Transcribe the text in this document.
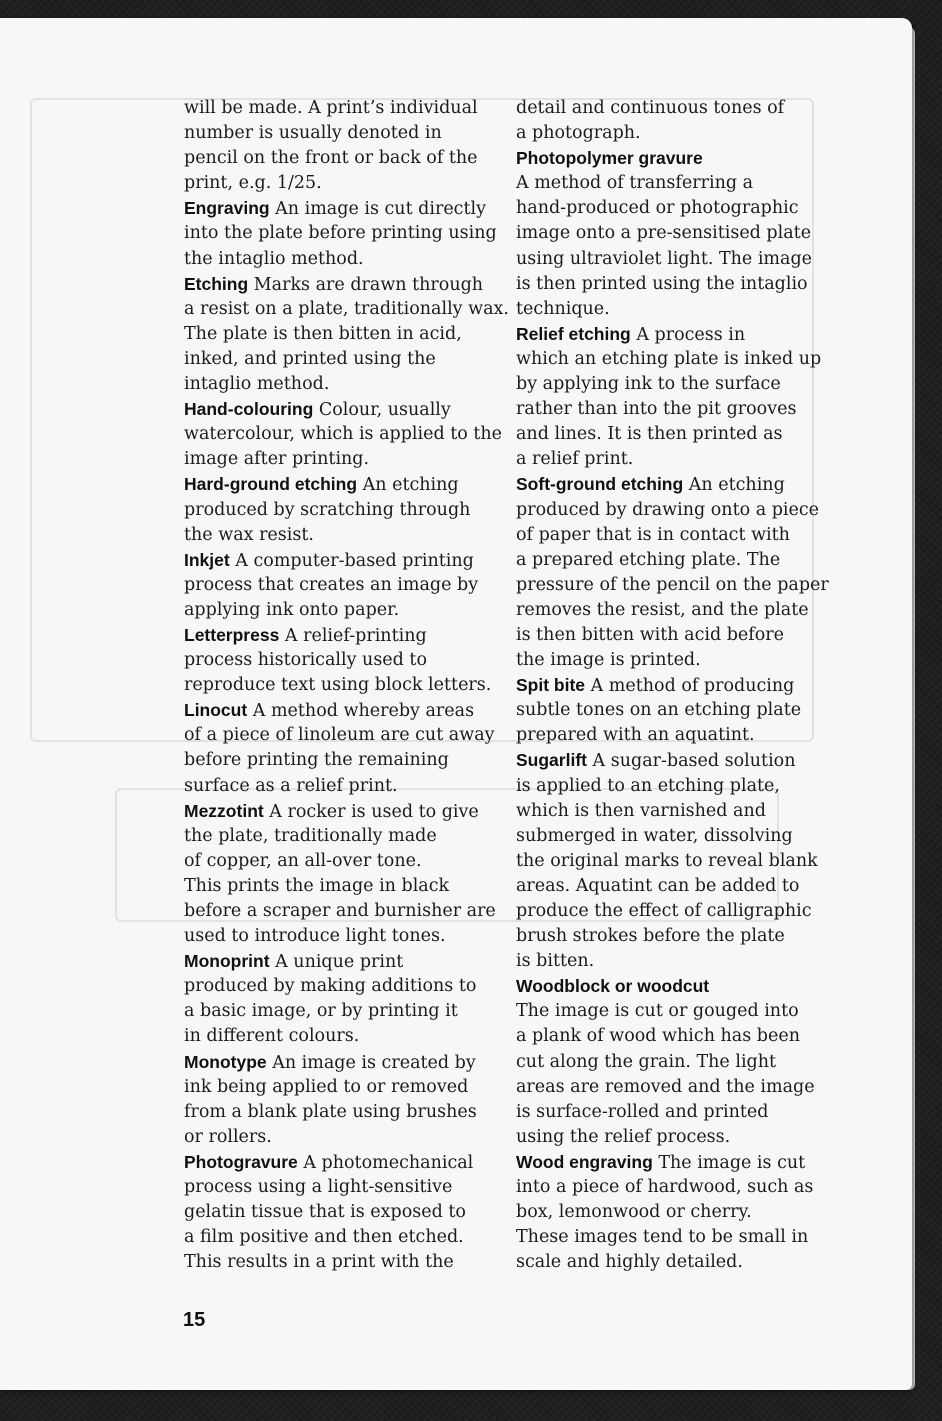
will be made. A print’s individual
number is usually denoted in
pencil on the front or back of the
print, e.g. 1/25.
Engraving An image is cut directly
into the plate before printing using
the intaglio method.
Etching Marks are drawn through
a resist on a plate, traditionally wax.
The plate is then bitten in acid,
inked, and printed using the
intaglio method.
Hand-colouring Colour, usually
watercolour, which is applied to the
image after printing.
Hard-ground etching An etching
produced by scratching through
the wax resist.
Inkjet A computer-based printing
process that creates an image by
applying ink onto paper.
Letterpress A relief-printing
process historically used to
reproduce text using block letters.
Linocut A method whereby areas
of a piece of linoleum are cut away
before printing the remaining
surface as a relief print.
Mezzotint A rocker is used to give
the plate, traditionally made
of copper, an all-over tone.
This prints the image in black
before a scraper and burnisher are
used to introduce light tones.
Monoprint A unique print
produced by making additions to
a basic image, or by printing it
in different colours.
Monotype An image is created by
ink being applied to or removed
from a blank plate using brushes
or rollers.
Photogravure A photomechanical
process using a light-sensitive
gelatin tissue that is exposed to
a film positive and then etched.
This results in a print with the
detail and continuous tones of
a photograph.
Photopolymer gravure
A method of transferring a
hand-produced or photographic
image onto a pre-sensitised plate
using ultraviolet light. The image
is then printed using the intaglio
technique.
Relief etching A process in
which an etching plate is inked up
by applying ink to the surface
rather than into the pit grooves
and lines. It is then printed as
a relief print.
Soft-ground etching An etching
produced by drawing onto a piece
of paper that is in contact with
a prepared etching plate. The
pressure of the pencil on the paper
removes the resist, and the plate
is then bitten with acid before
the image is printed.
Spit bite A method of producing
subtle tones on an etching plate
prepared with an aquatint.
Sugarlift A sugar-based solution
is applied to an etching plate,
which is then varnished and
submerged in water, dissolving
the original marks to reveal blank
areas. Aquatint can be added to
produce the effect of calligraphic
brush strokes before the plate
is bitten.
Woodblock or woodcut
The image is cut or gouged into
a plank of wood which has been
cut along the grain. The light
areas are removed and the image
is surface-rolled and printed
using the relief process.
Wood engraving The image is cut
into a piece of hardwood, such as
box, lemonwood or cherry.
These images tend to be small in
scale and highly detailed.
15
